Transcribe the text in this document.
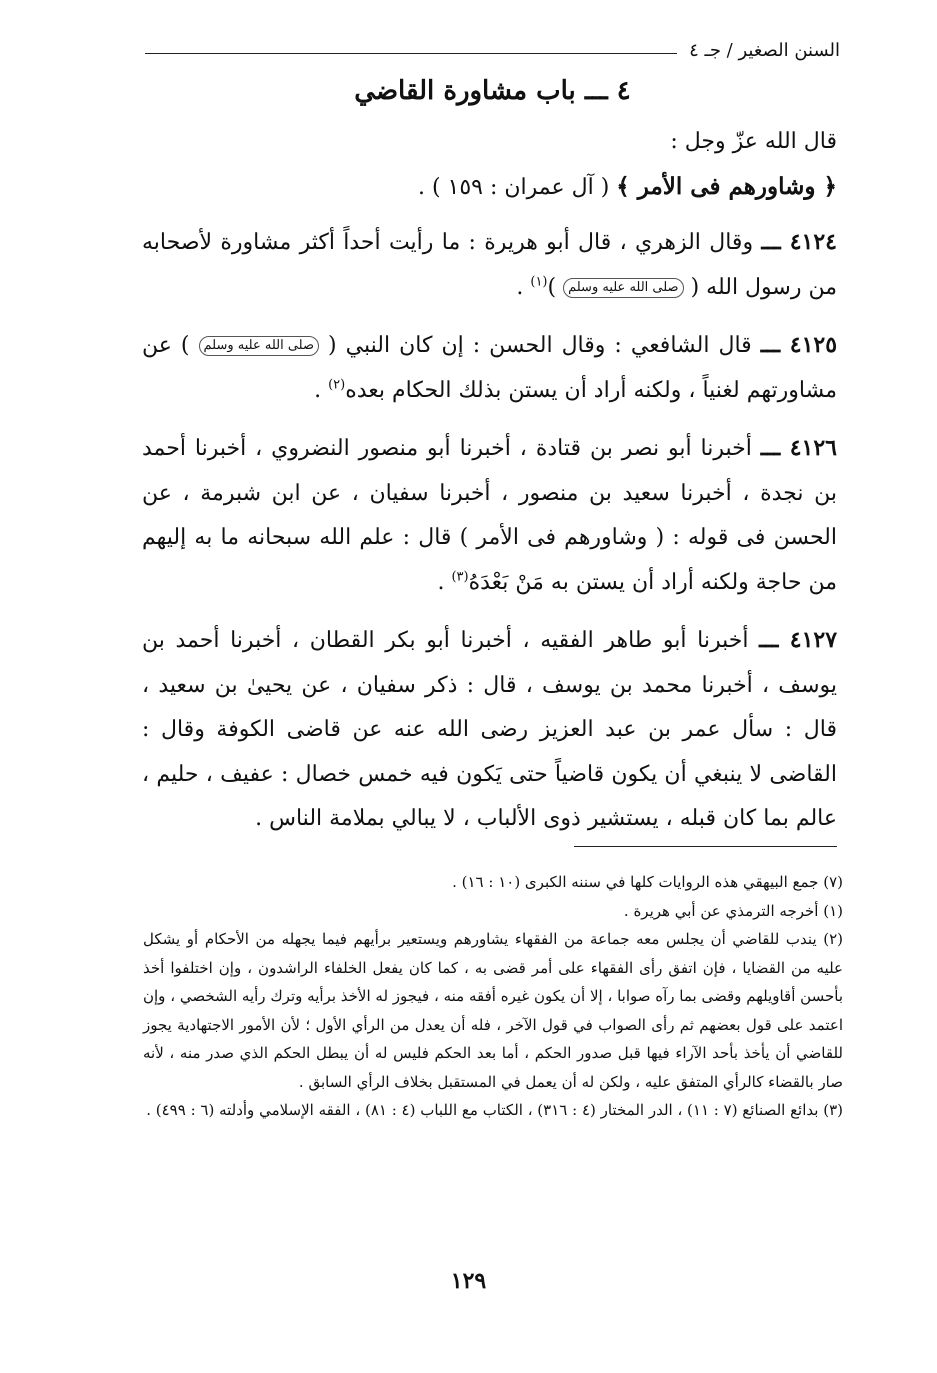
السنن الصغير / جـ ٤
٤ ـــ باب مشاورة القاضي

قال الله عزّ وجل :

﴿ وشاورهم فى الأمر ﴾ ( آل عمران : ١٥٩ ) .

٤١٢٤ ـــ وقال الزهري ، قال أبو هريرة : ما رأيت أحداً أكثر مشاورة لأصحابه من رسول الله ( صلى الله عليه وسلم )$^{(١)}$ .

٤١٢٥ ـــ قال الشافعي : وقال الحسن : إن كان النبي ( صلى الله عليه وسلم ) عن مشاورتهم لغنياً ، ولكنه أراد أن يستن بذلك الحكام بعده$^{(٢)}$ .

٤١٢٦ ـــ أخبرنا أبو نصر بن قتادة ، أخبرنا أبو منصور النضروي ، أخبرنا أحمد بن نجدة ، أخبرنا سعيد بن منصور ، أخبرنا سفيان ، عن ابن شبرمة ، عن الحسن فى قوله : ( وشاورهم فى الأمر ) قال : علم الله سبحانه ما به إليهم من حاجة ولكنه أراد أن يستن به مَنْ بَعْدَهُ$^{(٣)}$ .

٤١٢٧ ـــ أخبرنا أبو طاهر الفقيه ، أخبرنا أبو بكر القطان ، أخبرنا أحمد بن يوسف ، أخبرنا محمد بن يوسف ، قال : ذكر سفيان ، عن يحيىٰ بن سعيد ، قال : سأل عمر بن عبد العزيز رضى الله عنه عن قاضى الكوفة وقال : القاضى لا ينبغي أن يكون قاضياً حتى يَكون فيه خمس خصال : عفيف ، حليم ، عالم بما كان قبله ، يستشير ذوى الألباب ، لا يبالي بملامة الناس .

(٧) جمع البيهقي هذه الروايات كلها في سننه الكبرى (١٠ : ١٦) .

(١) أخرجه الترمذي عن أبي هريرة .

(٢) يندب للقاضي أن يجلس معه جماعة من الفقهاء يشاورهم ويستعير برأيهم فيما يجهله من الأحكام أو يشكل عليه من القضايا ، فإن اتفق رأى الفقهاء على أمر قضى به ، كما كان يفعل الخلفاء الراشدون ، وإن اختلفوا أخذ بأحسن أقاويلهم وقضى بما رآه صوابا ، إلا أن يكون غيره أفقه منه ، فيجوز له الأخذ برأيه وترك رأيه الشخصي ، وإن اعتمد على قول بعضهم ثم رأى الصواب في قول الآخر ، فله أن يعدل من الرأي الأول ؛ لأن الأمور الاجتهادية يجوز للقاضي أن يأخذ بأحد الآراء فيها قبل صدور الحكم ، أما بعد الحكم فليس له أن يبطل الحكم الذي صدر منه ، لأنه صار بالقضاء كالرأي المتفق عليه ، ولكن له أن يعمل في المستقبل بخلاف الرأي السابق .

(٣) بدائع الصنائع (٧ : ١١) ، الدر المختار (٤ : ٣١٦) ، الكتاب مع اللباب (٤ : ٨١) ، الفقه الإسلامي وأدلته (٦ : ٤٩٩) .

١٢٩
